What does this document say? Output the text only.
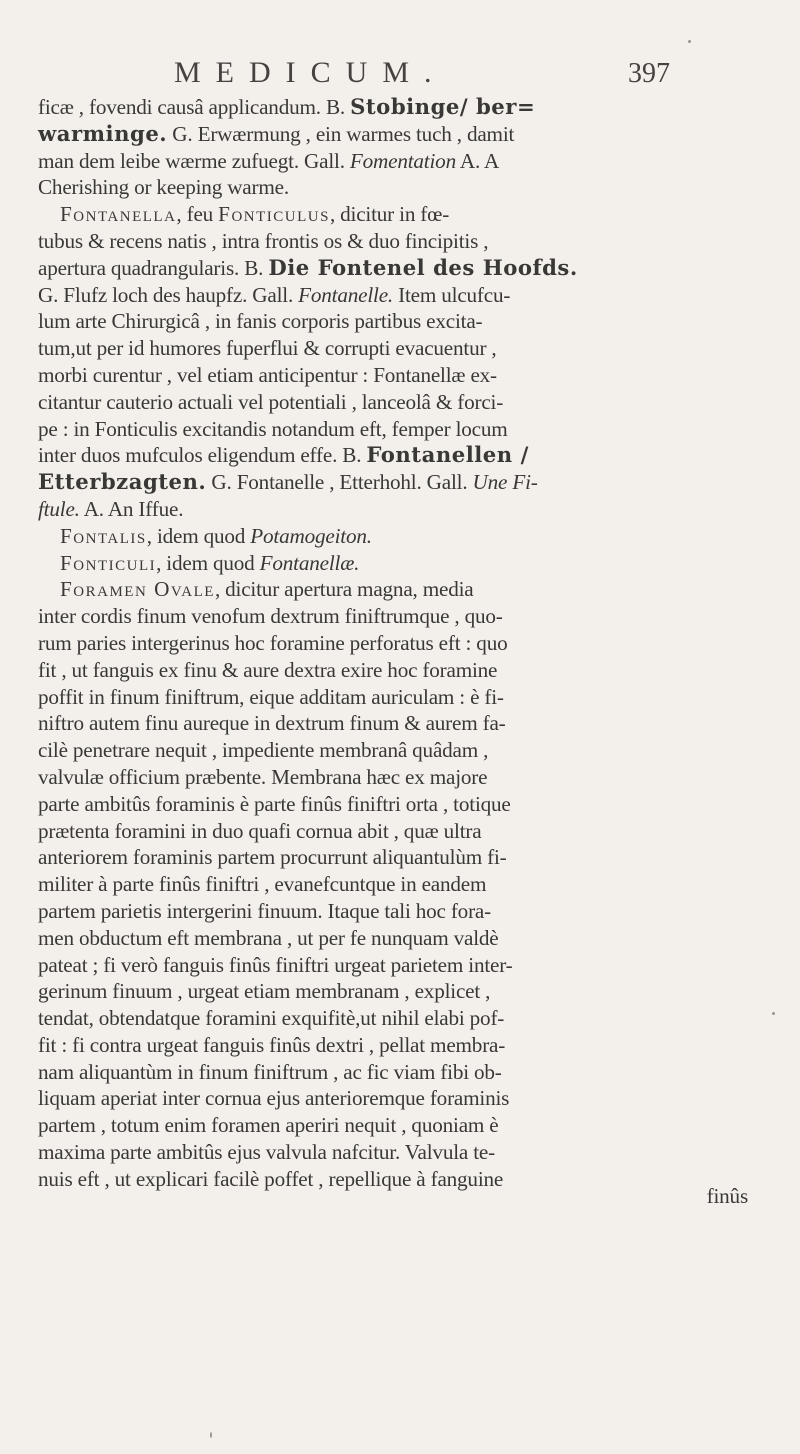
MEDICUM.	397
ficæ , fovendi causâ applicandum. B. Stobinge/ ber=
warminge. G. Erwærmung , ein warmes tuch , damit
man dem leibe wærme zufuegt. Gall. Fomentation A. A
Cherishing or keeping warme.
Fontanella, feu Fonticulus, dicitur in fœ-
tubus & recens natis , intra frontis os & duo fincipitis ,
apertura quadrangularis. B. Die Fontenel des Hoofds.
G. Flufz loch des haupfz. Gall. Fontanelle. Item ulcufcu-
lum arte Chirurgicâ , in fanis corporis partibus excita-
tum,ut per id humores fuperflui & corrupti evacuentur ,
morbi curentur , vel etiam anticipentur : Fontanellæ ex-
citantur cauterio actuali vel potentiali , lanceolâ & forci-
pe : in Fonticulis excitandis notandum eft, femper locum
inter duos mufculos eligendum effe. B. Fontanellen /
Etterbzagten. G. Fontanelle , Etterhohl. Gall. Une Fi-
ftule. A. An Iffue.
Fontalis, idem quod Potamogeiton.
Fonticuli, idem quod Fontanellæ.
Foramen Ovale, dicitur apertura magna, media
inter cordis finum venofum dextrum finiftrumque , quo-
rum paries intergerinus hoc foramine perforatus eft : quo
fit , ut fanguis ex finu & aure dextra exire hoc foramine
poffit in finum finiftrum, eique additam auriculam : è fi-
niftro autem finu aureque in dextrum finum & aurem fa-
cilè penetrare nequit , impediente membranâ quâdam ,
valvulæ officium præbente. Membrana hæc ex majore
parte ambitûs foraminis è parte finûs finiftri orta , totique
prætenta foramini in duo quafi cornua abit , quæ ultra
anteriorem foraminis partem procurrunt aliquantulùm fi-
militer à parte finûs finiftri , evanefcuntque in eandem
partem parietis intergerini finuum. Itaque tali hoc fora-
men obductum eft membrana , ut per fe nunquam valdè
pateat ; fi verò fanguis finûs finiftri urgeat parietem inter-
gerinum finuum , urgeat etiam membranam , explicet ,
tendat, obtendatque foramini exquifitè,ut nihil elabi pof-
fit : fi contra urgeat fanguis finûs dextri , pellat membra-
nam aliquantùm in finum finiftrum , ac fic viam fibi ob-
liquam aperiat inter cornua ejus anterioremque foraminis
partem , totum enim foramen aperiri nequit , quoniam è
maxima parte ambitûs ejus valvula nafcitur. Valvula te-
nuis eft , ut explicari facilè poffet , repellique à fanguine
finûs
